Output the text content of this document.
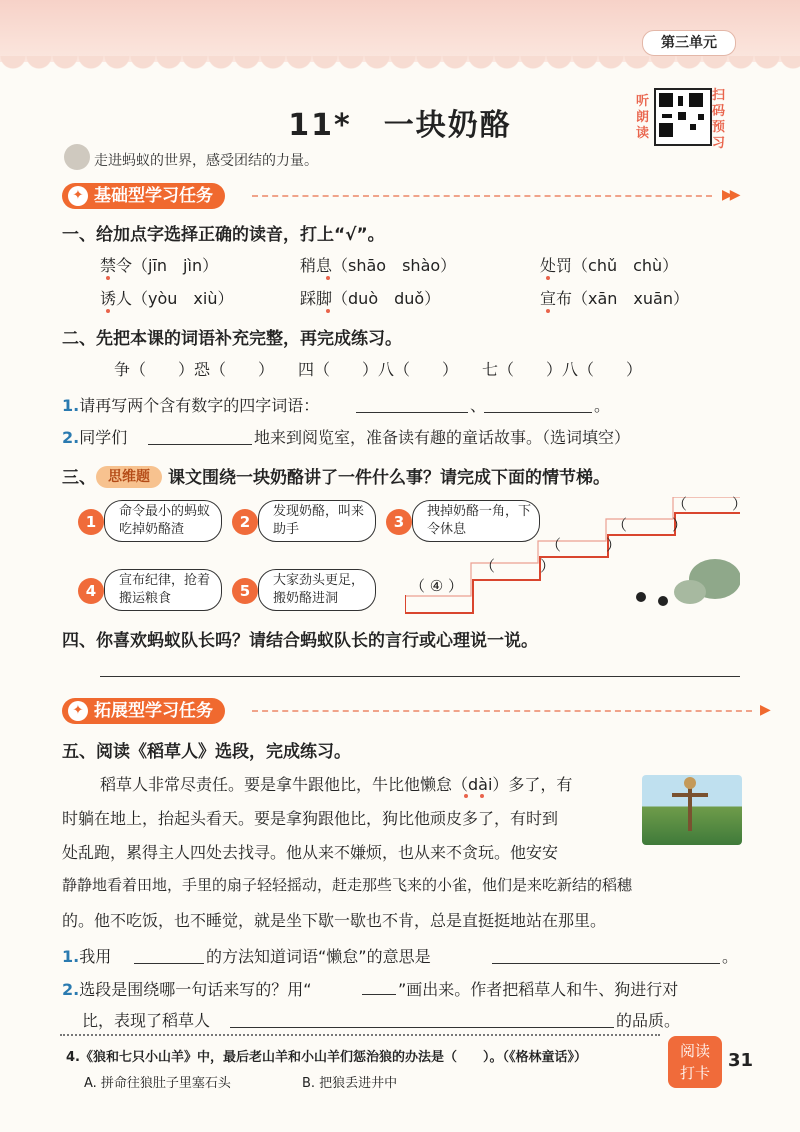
第三单元
11*　一块奶酪
听朗读
扫码预习
走进蚂蚁的世界，感受团结的力量。
✦ 基础型学习任务	▶▶
一、给加点字选择正确的读音，打上“√”。
禁令（jīn　jìn）	稍息（shāo　shào）	处罚（chǔ　chù）
诱人（yòu　xiù）	踩脚（duò　duǒ）	宣布（xān　xuān）
二、先把本课的词语补充完整，再完成练习。
争（　　）恐（　　）　　四（　　）八（　　）　　七（　　）八（　　）
1.请再写两个含有数字的四字词语：	、	。
2.同学们	地来到阅览室，准备读有趣的童话故事。（选词填空）
三、 思维题 课文围绕一块奶酪讲了一件什么事？请完成下面的情节梯。
1
命令最小的蚂蚁吃掉奶酪渣	2
发现奶酪，叫来助手	3
拽掉奶酪一角，下令休息
4
宣布纪律，抢着搬运粮食	5
大家劲头更足，搬奶酪进洞
（ ④ ）
（　　　）
（　　　）
（　　　）
（　　　）
四、你喜欢蚂蚁队长吗？请结合蚂蚁队长的言行或心理说一说。
✦ 拓展型学习任务	▶
五、阅读《稻草人》选段，完成练习。
稻草人非常尽责任。要是拿牛跟他比，牛比他懒怠（dài）多了，有
时躺在地上，抬起头看天。要是拿狗跟他比，狗比他顽皮多了，有时到
处乱跑，累得主人四处去找寻。他从来不嫌烦，也从来不贪玩。他安安
静静地看着田地，手里的扇子轻轻摇动，赶走那些飞来的小雀，他们是来吃新结的稻穗
的。他不吃饭，也不睡觉，就是坐下歇一歇也不肯，总是直挺挺地站在那里。
1.我用	的方法知道词语“懒怠”的意思是	。
2.选段是围绕哪一句话来写的？用“	”画出来。作者把稻草人和牛、狗进行对
比，表现了稻草人	的品质。
4.《狼和七只小山羊》中，最后老山羊和小山羊们惩治狼的办法是（　　）。（《格林童话》）
A. 拼命往狼肚子里塞石头	B. 把狼丢进井中
阅读
打卡
31
